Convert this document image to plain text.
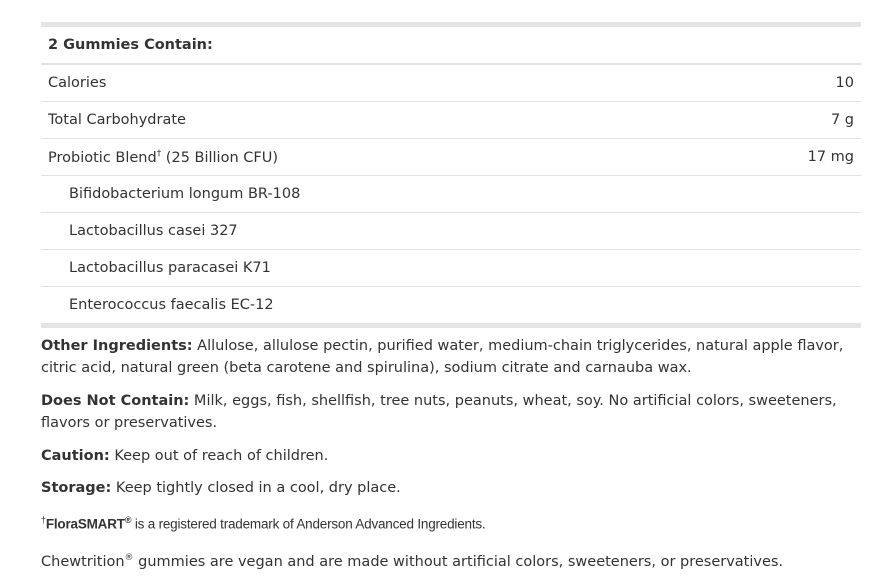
2 Gummies Contain:	
Calories	10
Total Carbohydrate	7 g
Probiotic Blend† (25 Billion CFU)	17 mg
Bifidobacterium longum BR-108	
Lactobacillus casei 327	
Lactobacillus paracasei K71	
Enterococcus faecalis EC-12	

Other Ingredients: Allulose, allulose pectin, purified water, medium-chain triglycerides, natural apple flavor, citric acid, natural green (beta carotene and spirulina), sodium citrate and carnauba wax.

Does Not Contain: Milk, eggs, fish, shellfish, tree nuts, peanuts, wheat, soy. No artificial colors, sweeteners, flavors or preservatives.

Caution: Keep out of reach of children.

Storage: Keep tightly closed in a cool, dry place.

†FloraSMART® is a registered trademark of Anderson Advanced Ingredients.

Chewtrition® gummies are vegan and are made without artificial colors, sweeteners, or preservatives.
